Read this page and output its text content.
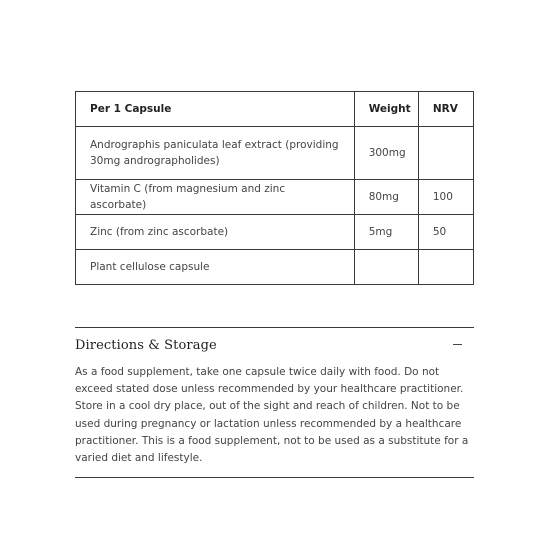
Per 1 Capsule	Weight	NRV
Andrographis paniculata leaf extract (providing 30mg andrographolides)	300mg	
Vitamin C (from magnesium and zinc ascorbate)	80mg	100
Zinc (from zinc ascorbate)	5mg	50
Plant cellulose capsule		
Directions & Storage

As a food supplement, take one capsule twice daily with food. Do not exceed stated dose unless recommended by your healthcare practitioner. Store in a cool dry place, out of the sight and reach of children. Not to be used during pregnancy or lactation unless recommended by a healthcare practitioner. This is a food supplement, not to be used as a substitute for a varied diet and lifestyle.
